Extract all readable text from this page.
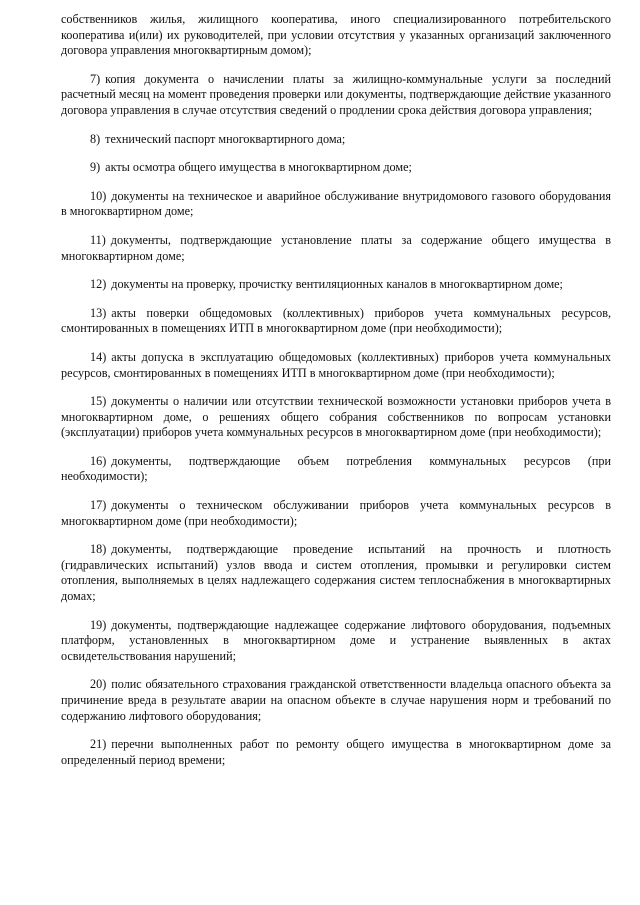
собственников жилья, жилищного кооператива, иного специализированного потребительского кооператива и(или) их руководителей, при условии отсутствия у указанных организаций заключенного договора управления многоквартирным домом);

7) копия документа о начислении платы за жилищно-коммунальные услуги за последний расчетный месяц на момент проведения проверки или документы, подтверждающие действие указанного договора управления в случае отсутствия сведений о продлении срока действия договора управления;

8) технический паспорт многоквартирного дома;

9) акты осмотра общего имущества в многоквартирном доме;

10) документы на техническое и аварийное обслуживание внутридомового газового оборудования в многоквартирном доме;

11) документы, подтверждающие установление платы за содержание общего имущества в многоквартирном доме;

12) документы на проверку, прочистку вентиляционных каналов в многоквартирном доме;

13) акты поверки общедомовых (коллективных) приборов учета коммунальных ресурсов, смонтированных в помещениях ИТП в многоквартирном доме (при необходимости);

14) акты допуска в эксплуатацию общедомовых (коллективных) приборов учета коммунальных ресурсов, смонтированных в помещениях ИТП в многоквартирном доме (при необходимости);

15) документы о наличии или отсутствии технической возможности установки приборов учета в многоквартирном доме, о решениях общего собрания собственников по вопросам установки (эксплуатации) приборов учета коммунальных ресурсов в многоквартирном доме (при необходимости);

16) документы, подтверждающие объем потребления коммунальных ресурсов (при необходимости);

17) документы о техническом обслуживании приборов учета коммунальных ресурсов в многоквартирном доме (при необходимости);

18) документы, подтверждающие проведение испытаний на прочность и плотность (гидравлических испытаний) узлов ввода и систем отопления, промывки и регулировки систем отопления, выполняемых в целях надлежащего содержания систем теплоснабжения в многоквартирных домах;

19) документы, подтверждающие надлежащее содержание лифтового оборудования, подъемных платформ, установленных в многоквартирном доме и устранение выявленных в актах освидетельствования нарушений;

20) полис обязательного страхования гражданской ответственности владельца опасного объекта за причинение вреда в результате аварии на опасном объекте в случае нарушения норм и требований по содержанию лифтового оборудования;

21) перечни выполненных работ по ремонту общего имущества в многоквартирном доме за определенный период времени;
